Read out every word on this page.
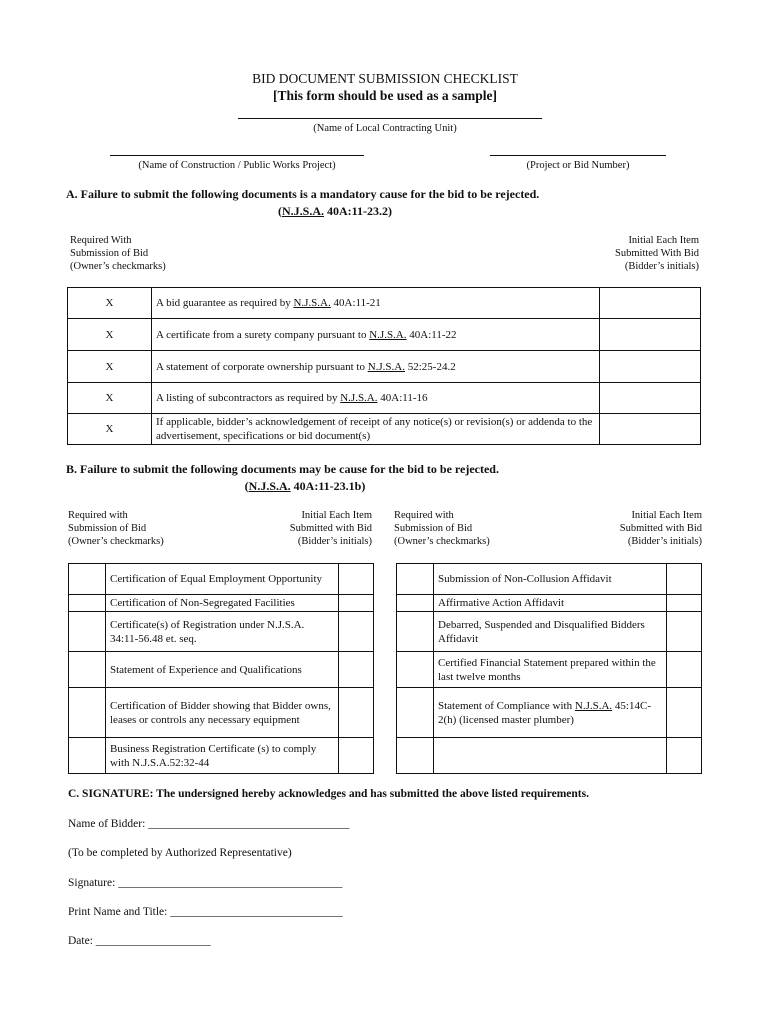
BID DOCUMENT SUBMISSION CHECKLIST
[This form should be used as a sample]
(Name of Local Contracting Unit)
(Name of Construction / Public Works Project)	(Project or Bid Number)
A. Failure to submit the following documents is a mandatory cause for the bid to be rejected.
(N.J.S.A. 40A:11-23.2)
Required With
Submission of Bid
(Owner’s checkmarks)
Initial Each Item
Submitted With Bid
(Bidder’s initials)
X	A bid guarantee as required by N.J.S.A. 40A:11-21	
X	A certificate from a surety company pursuant to N.J.S.A. 40A:11-22	
X	A statement of corporate ownership pursuant to N.J.S.A. 52:25-24.2	
X	A listing of subcontractors as required by N.J.S.A. 40A:11-16	
X	If applicable, bidder’s acknowledgement of receipt of any notice(s) or revision(s) or addenda to the advertisement, specifications or bid document(s)	
B. Failure to submit the following documents may be cause for the bid to be rejected.
(N.J.S.A. 40A:11-23.1b)
Required with
Submission of Bid
(Owner’s checkmarks)
Initial Each Item
Submitted with Bid
(Bidder’s initials)
Required with
Submission of Bid
(Owner’s checkmarks)
Initial Each Item
Submitted with Bid
(Bidder’s initials)
	Certification of Equal Employment Opportunity	
	Certification of Non-Segregated Facilities	
	Certificate(s) of Registration under N.J.S.A. 34:11-56.48 et. seq.	
	Statement of Experience and Qualifications	
	Certification of Bidder showing that Bidder owns, leases or controls any necessary equipment	
	Business Registration Certificate (s) to comply with N.J.S.A.52:32-44	
	Submission of Non-Collusion Affidavit	
	Affirmative Action Affidavit	
	Debarred, Suspended and Disqualified Bidders Affidavit	
	Certified Financial Statement prepared within the last twelve months	
	Statement of Compliance with N.J.S.A. 45:14C-2(h) (licensed master plumber)	

C. SIGNATURE: The undersigned hereby acknowledges and has submitted the above listed requirements.
Name of Bidder: ___________________________________
(To be completed by Authorized Representative)
Signature: _______________________________________
Print Name and Title: ______________________________
Date: ____________________
